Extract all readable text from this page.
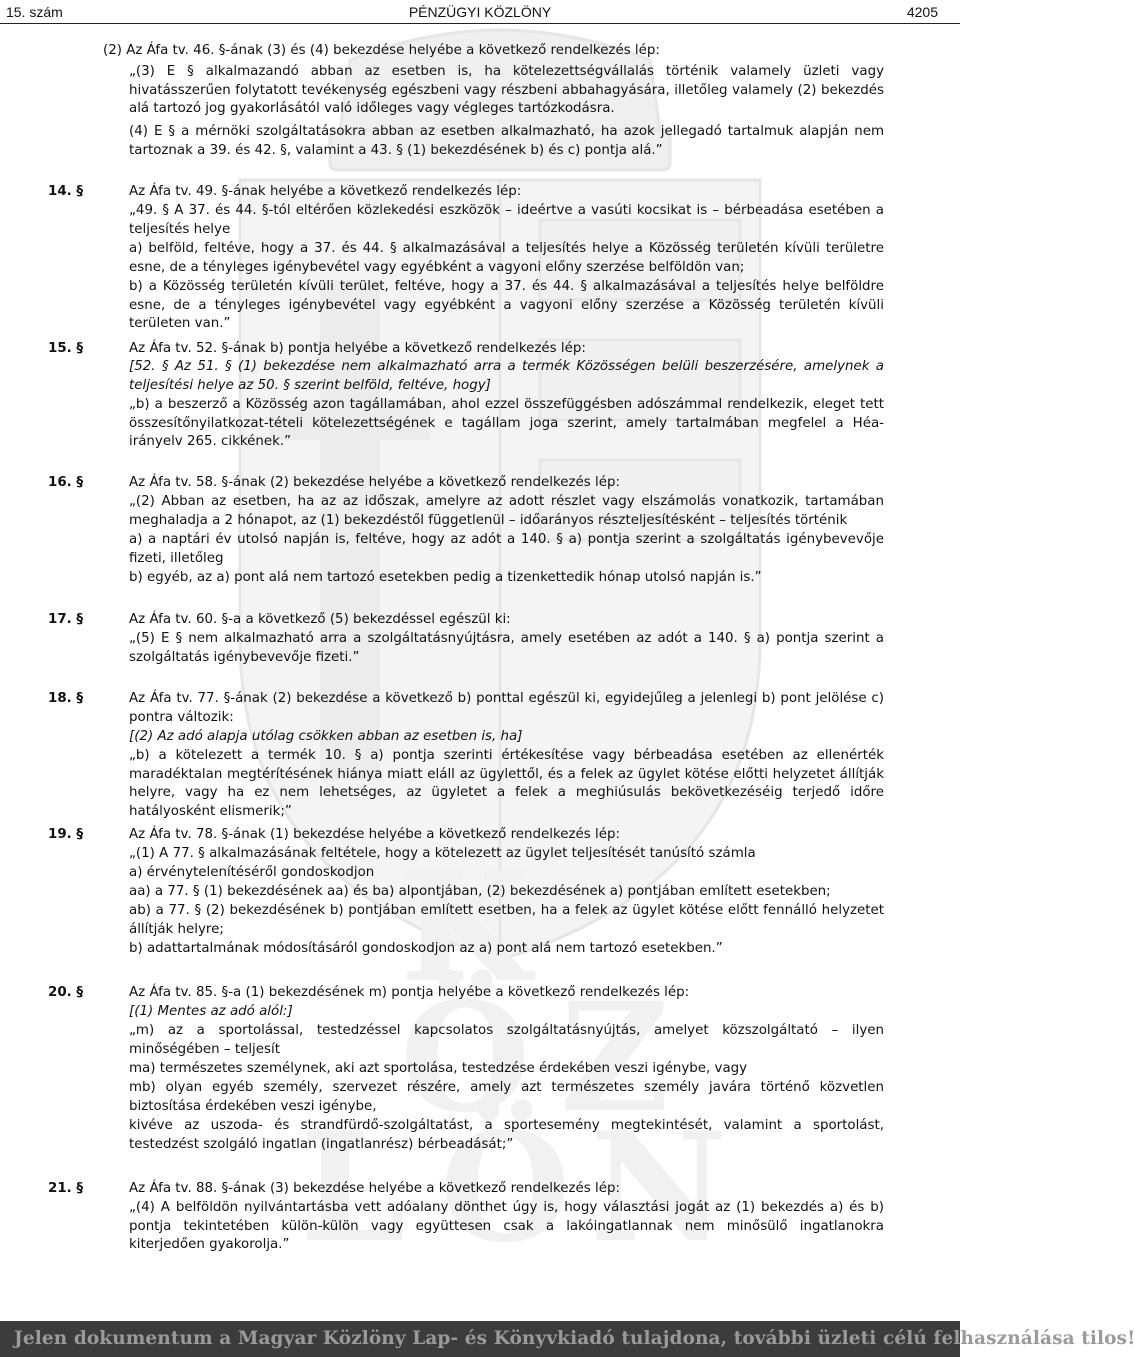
K
Ö Z
L Ö N
15. szám	PÉNZÜGYI KÖZLÖNY	4205
(2) Az Áfa tv. 46. §-ának (3) és (4) bekezdése helyébe a következő rendelkezés lép:
„(3) E § alkalmazandó abban az esetben is, ha kötelezettségvállalás történik valamely üzleti vagy hivatásszerűen folytatott tevékenység egészbeni vagy részbeni abbahagyására, illetőleg valamely (2) bekezdés alá tartozó jog gyakorlásától való időleges vagy végleges tartózkodásra.
(4) E § a mérnöki szolgáltatásokra abban az esetben alkalmazható, ha azok jellegadó tartalmuk alapján nem tartoznak a 39. és 42. §, valamint a 43. § (1) bekezdésének b) és c) pontja alá.”
14. §	Az Áfa tv. 49. §-ának helyébe a következő rendelkezés lép:
„49. § A 37. és 44. §-tól eltérően közlekedési eszközök – ideértve a vasúti kocsikat is – bérbeadása esetében a teljesítés helye
a) belföld, feltéve, hogy a 37. és 44. § alkalmazásával a teljesítés helye a Közösség területén kívüli területre esne, de a tényleges igénybevétel vagy egyébként a vagyoni előny szerzése belföldön van;
b) a Közösség területén kívüli terület, feltéve, hogy a 37. és 44. § alkalmazásával a teljesítés helye belföldre esne, de a tényleges igénybevétel vagy egyébként a vagyoni előny szerzése a Közösség területén kívüli területen van.”
15. §	Az Áfa tv. 52. §-ának b) pontja helyébe a következő rendelkezés lép:
[52. § Az 51. § (1) bekezdése nem alkalmazható arra a termék Közösségen belüli beszerzésére, amelynek a teljesítési helye az 50. § szerint belföld, feltéve, hogy]
„b) a beszerző a Közösség azon tagállamában, ahol ezzel összefüggésben adószámmal rendelkezik, eleget tett összesítőnyilatkozat-tételi kötelezettségének e tagállam joga szerint, amely tartalmában megfelel a Héa-irányelv 265. cikkének.”
16. §	Az Áfa tv. 58. §-ának (2) bekezdése helyébe a következő rendelkezés lép:
„(2) Abban az esetben, ha az az időszak, amelyre az adott részlet vagy elszámolás vonatkozik, tartamában meghaladja a 2 hónapot, az (1) bekezdéstől függetlenül – időarányos részteljesítésként – teljesítés történik
a) a naptári év utolsó napján is, feltéve, hogy az adót a 140. § a) pontja szerint a szolgáltatás igénybevevője fizeti, illetőleg
b) egyéb, az a) pont alá nem tartozó esetekben pedig a tizenkettedik hónap utolsó napján is.”
17. §	Az Áfa tv. 60. §-a a következő (5) bekezdéssel egészül ki:
„(5) E § nem alkalmazható arra a szolgáltatásnyújtásra, amely esetében az adót a 140. § a) pontja szerint a szolgáltatás igénybevevője fizeti.”
18. §	Az Áfa tv. 77. §-ának (2) bekezdése a következő b) ponttal egészül ki, egyidejűleg a jelenlegi b) pont jelölése c) pontra változik:
[(2) Az adó alapja utólag csökken abban az esetben is, ha]
„b) a kötelezett a termék 10. § a) pontja szerinti értékesítése vagy bérbeadása esetében az ellenérték maradéktalan megtérítésének hiánya miatt eláll az ügylettől, és a felek az ügylet kötése előtti helyzetet állítják helyre, vagy ha ez nem lehetséges, az ügyletet a felek a meghiúsulás bekövetkezéséig terjedő időre hatályosként elismerik;”
19. §	Az Áfa tv. 78. §-ának (1) bekezdése helyébe a következő rendelkezés lép:
„(1) A 77. § alkalmazásának feltétele, hogy a kötelezett az ügylet teljesítését tanúsító számla
a) érvénytelenítéséről gondoskodjon
aa) a 77. § (1) bekezdésének aa) és ba) alpontjában, (2) bekezdésének a) pontjában említett esetekben;
ab) a 77. § (2) bekezdésének b) pontjában említett esetben, ha a felek az ügylet kötése előtt fennálló helyzetet állítják helyre;
b) adattartalmának módosításáról gondoskodjon az a) pont alá nem tartozó esetekben.”
20. §	Az Áfa tv. 85. §-a (1) bekezdésének m) pontja helyébe a következő rendelkezés lép:
[(1) Mentes az adó alól:]
„m) az a sportolással, testedzéssel kapcsolatos szolgáltatásnyújtás, amelyet közszolgáltató – ilyen minőségében – teljesít
ma) természetes személynek, aki azt sportolása, testedzése érdekében veszi igénybe, vagy
mb) olyan egyéb személy, szervezet részére, amely azt természetes személy javára történő közvetlen biztosítása érdekében veszi igénybe,
kivéve az uszoda- és strandfürdő-szolgáltatást, a sportesemény megtekintését, valamint a sportolást, testedzést szolgáló ingatlan (ingatlanrész) bérbeadását;”
21. §	Az Áfa tv. 88. §-ának (3) bekezdése helyébe a következő rendelkezés lép:
„(4) A belföldön nyilvántartásba vett adóalany dönthet úgy is, hogy választási jogát az (1) bekezdés a) és b) pontja tekintetében külön-külön vagy együttesen csak a lakóingatlannak nem minősülő ingatlanokra kiterjedően gyakorolja.”
Jelen dokumentum a Magyar Közlöny Lap- és Könyvkiadó tulajdona, további üzleti célú felhasználása tilos!
